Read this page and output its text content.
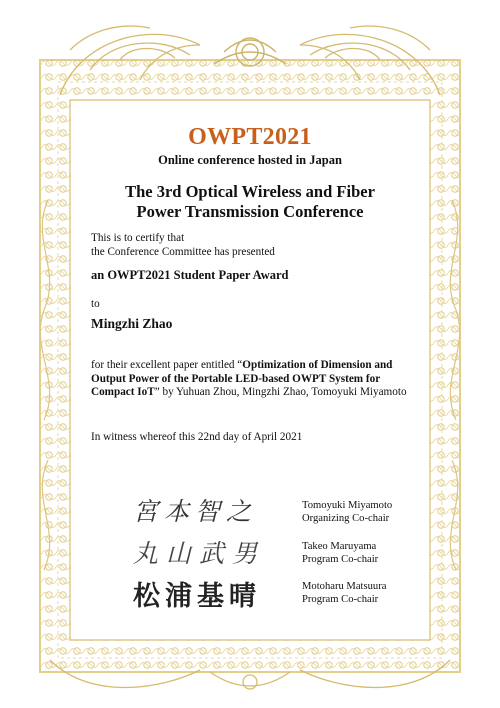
OWPT2021
Online conference hosted in Japan
The 3rd Optical Wireless and Fiber
Power Transmission Conference
This is to certify that
the Conference Committee has presented
an OWPT2021 Student Paper Award
to
Mingzhi Zhao
for their excellent paper entitled “Optimization of Dimension and Output Power of the Portable LED-based OWPT System for Compact IoT” by Yuhuan Zhou, Mingzhi Zhao, Tomoyuki Miyamoto
In witness whereof this 22nd day of April 2021
宮本智之
丸山武男
松浦基晴
Tomoyuki Miyamoto
Organizing Co-chair
Takeo Maruyama
Program Co-chair
Motoharu Matsuura
Program Co-chair
